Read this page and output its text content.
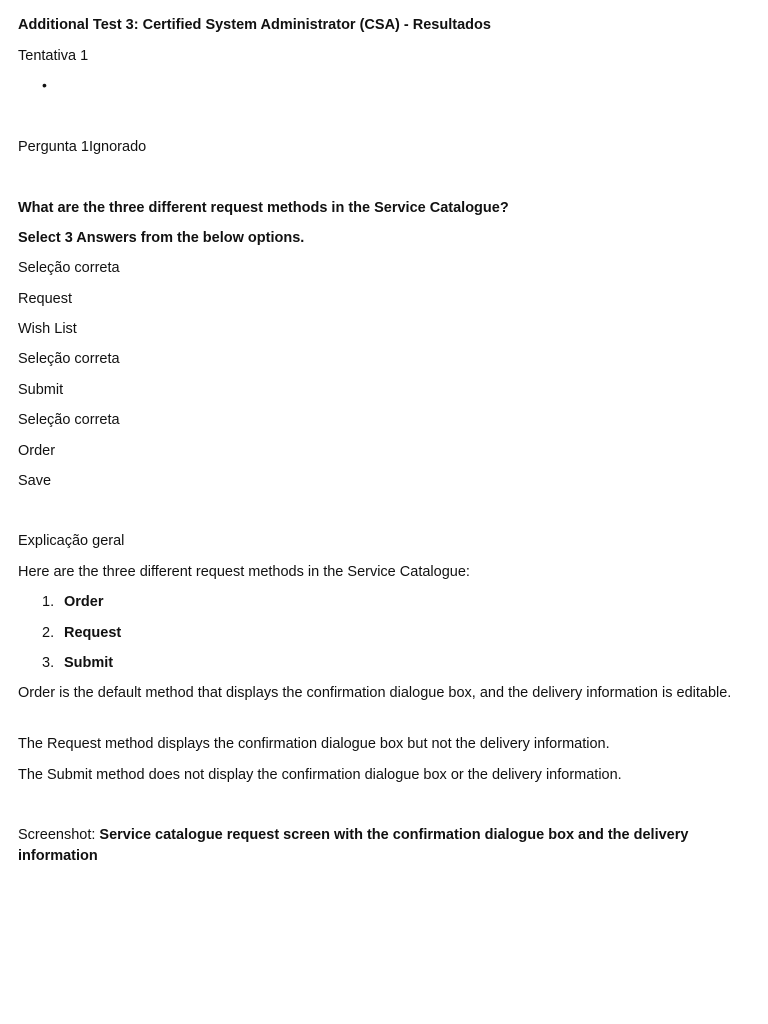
Additional Test 3: Certified System Administrator (CSA) - Resultados
Tentativa 1
•
Pergunta 1Ignorado
What are the three different request methods in the Service Catalogue?
Select 3 Answers from the below options.
Seleção correta
Request
Wish List
Seleção correta
Submit
Seleção correta
Order
Save
Explicação geral
Here are the three different request methods in the Service Catalogue:
1. Order
2. Request
3. Submit
Order is the default method that displays the confirmation dialogue box, and the delivery information is editable.
The Request method displays the confirmation dialogue box but not the delivery information.
The Submit method does not display the confirmation dialogue box or the delivery information.
Screenshot: Service catalogue request screen with the confirmation dialogue box and the delivery information
